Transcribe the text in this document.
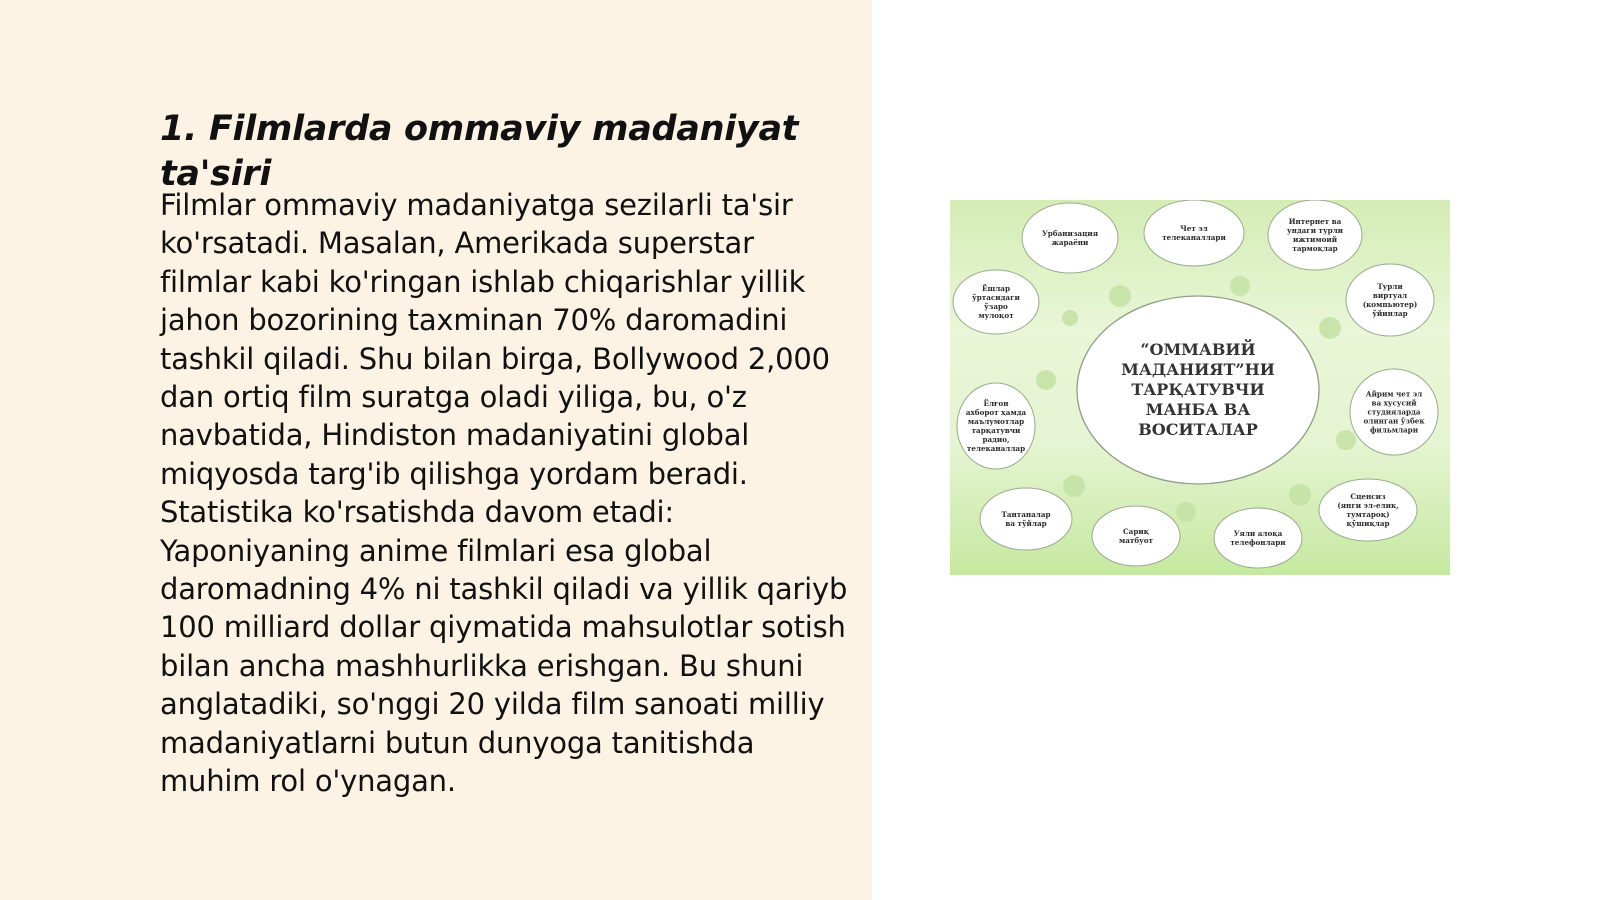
1. Filmlarda ommaviy madaniyat ta'siri

Filmlar ommaviy madaniyatga sezilarli ta'sir ko'rsatadi. Masalan, Amerikada superstar filmlar kabi ko'ringan ishlab chiqarishlar yillik jahon bozorining taxminan 70% daromadini tashkil qiladi. Shu bilan birga, Bollywood 2,000 dan ortiq film suratga oladi yiliga, bu, o'z navbatida, Hindiston madaniyatini global miqyosda targ'ib qilishga yordam beradi. Statistika ko'rsatishda davom etadi: Yaponiyaning anime filmlari esa global daromadning 4% ni tashkil qiladi va yillik qariyb 100 milliard dollar qiymatida mahsulotlar sotish bilan ancha mashhurlikka erishgan. Bu shuni anglatadiki, so'nggi 20 yilda film sanoati milliy madaniyatlarni butun dunyoga tanitishda muhim rol o'ynagan.

“ОММАВИЙ
МАДАНИЯТ”НИ
ТАРҚАТУВЧИ
МАНБА ВА
ВОСИТАЛАР
Урбанизация
жараёни
Чет эл
телеканаллари
Интернет ва
ундаги турли
ижтимоий
тармоқлар
Ёшлар
ўртасидаги
ўзаро
мулоқот
Турли
виртуал
(компьютер)
ўйинлар
Ёлғон
ахборот ҳамда
маълумотлар
тарқатувчи
радио,
телеканаллар
Айрим чет эл
ва хусусий
студияларда
олинган ўзбек
фильмлари
Тантаналар
ва тўйлар
Сариқ
матбуот
Уяли алоқа
телефонлари
Сценсиз
(янги эл-елик,
тумтароқ)
қўшиқлар
